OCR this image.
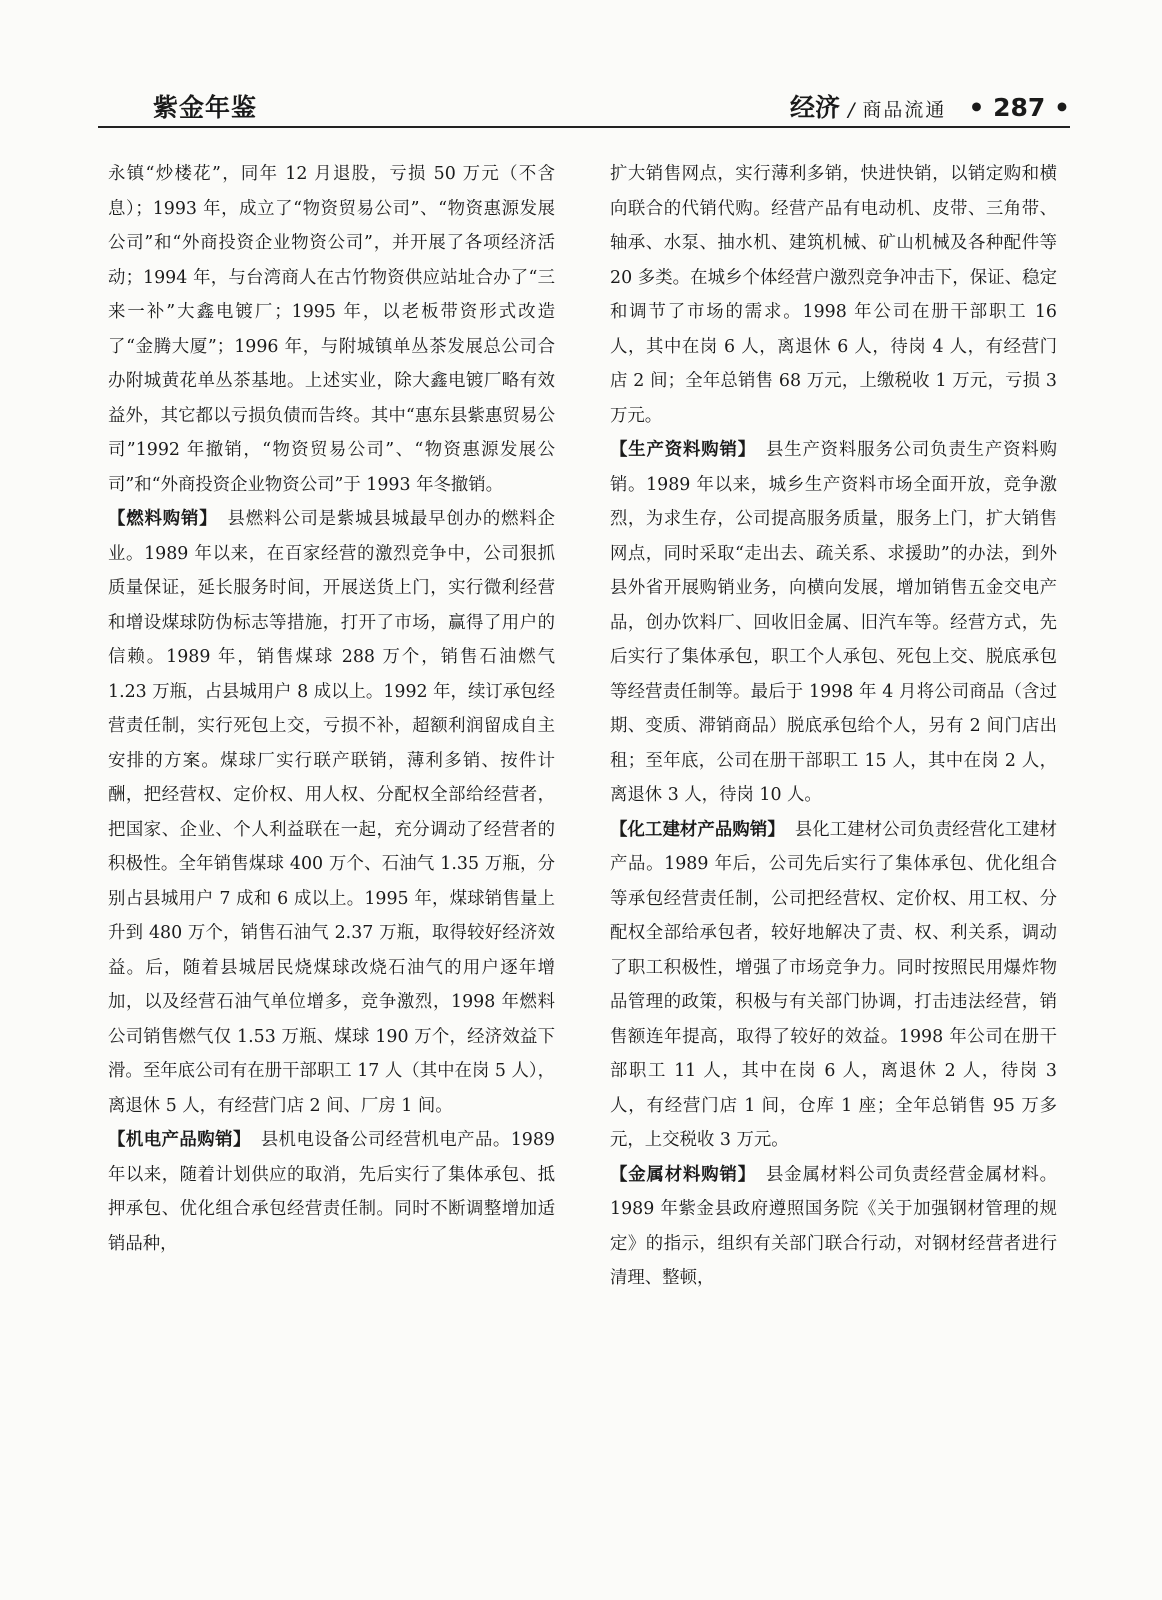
紫金年鉴	经济 / 商品流通 • 287 •

永镇“炒楼花”，同年 12 月退股，亏损 50 万元（不含息）；1993 年，成立了“物资贸易公司”、“物资惠源发展公司”和“外商投资企业物资公司”，并开展了各项经济活动；1994 年，与台湾商人在古竹物资供应站址合办了“三来一补”大鑫电镀厂；1995 年，以老板带资形式改造了“金腾大厦”；1996 年，与附城镇单丛茶发展总公司合办附城黄花单丛茶基地。上述实业，除大鑫电镀厂略有效益外，其它都以亏损负债而告终。其中“惠东县紫惠贸易公司”1992 年撤销，“物资贸易公司”、“物资惠源发展公司”和“外商投资企业物资公司”于 1993 年冬撤销。

【燃料购销】 县燃料公司是紫城县城最早创办的燃料企业。1989 年以来，在百家经营的激烈竞争中，公司狠抓质量保证，延长服务时间，开展送货上门，实行微利经营和增设煤球防伪标志等措施，打开了市场，赢得了用户的信赖。1989 年，销售煤球 288 万个，销售石油燃气 1.23 万瓶，占县城用户 8 成以上。1992 年，续订承包经营责任制，实行死包上交，亏损不补，超额利润留成自主安排的方案。煤球厂实行联产联销，薄利多销、按件计酬，把经营权、定价权、用人权、分配权全部给经营者，把国家、企业、个人利益联在一起，充分调动了经营者的积极性。全年销售煤球 400 万个、石油气 1.35 万瓶，分别占县城用户 7 成和 6 成以上。1995 年，煤球销售量上升到 480 万个，销售石油气 2.37 万瓶，取得较好经济效益。后，随着县城居民烧煤球改烧石油气的用户逐年增加，以及经营石油气单位增多，竞争激烈，1998 年燃料公司销售燃气仅 1.53 万瓶、煤球 190 万个，经济效益下滑。至年底公司有在册干部职工 17 人（其中在岗 5 人），离退休 5 人，有经营门店 2 间、厂房 1 间。

【机电产品购销】 县机电设备公司经营机电产品。1989 年以来，随着计划供应的取消，先后实行了集体承包、抵押承包、优化组合承包经营责任制。同时不断调整增加适销品种，

扩大销售网点，实行薄利多销，快进快销，以销定购和横向联合的代销代购。经营产品有电动机、皮带、三角带、轴承、水泵、抽水机、建筑机械、矿山机械及各种配件等 20 多类。在城乡个体经营户激烈竞争冲击下，保证、稳定和调节了市场的需求。1998 年公司在册干部职工 16 人，其中在岗 6 人，离退休 6 人，待岗 4 人，有经营门店 2 间；全年总销售 68 万元，上缴税收 1 万元，亏损 3 万元。

【生产资料购销】 县生产资料服务公司负责生产资料购销。1989 年以来，城乡生产资料市场全面开放，竞争激烈，为求生存，公司提高服务质量，服务上门，扩大销售网点，同时采取“走出去、疏关系、求援助”的办法，到外县外省开展购销业务，向横向发展，增加销售五金交电产品，创办饮料厂、回收旧金属、旧汽车等。经营方式，先后实行了集体承包，职工个人承包、死包上交、脱底承包等经营责任制等。最后于 1998 年 4 月将公司商品（含过期、变质、滞销商品）脱底承包给个人，另有 2 间门店出租；至年底，公司在册干部职工 15 人，其中在岗 2 人，离退休 3 人，待岗 10 人。

【化工建材产品购销】 县化工建材公司负责经营化工建材产品。1989 年后，公司先后实行了集体承包、优化组合等承包经营责任制，公司把经营权、定价权、用工权、分配权全部给承包者，较好地解决了责、权、利关系，调动了职工积极性，增强了市场竞争力。同时按照民用爆炸物品管理的政策，积极与有关部门协调，打击违法经营，销售额连年提高，取得了较好的效益。1998 年公司在册干部职工 11 人，其中在岗 6 人，离退休 2 人，待岗 3 人，有经营门店 1 间，仓库 1 座；全年总销售 95 万多元，上交税收 3 万元。

【金属材料购销】 县金属材料公司负责经营金属材料。1989 年紫金县政府遵照国务院《关于加强钢材管理的规定》的指示，组织有关部门联合行动，对钢材经营者进行清理、整顿，
